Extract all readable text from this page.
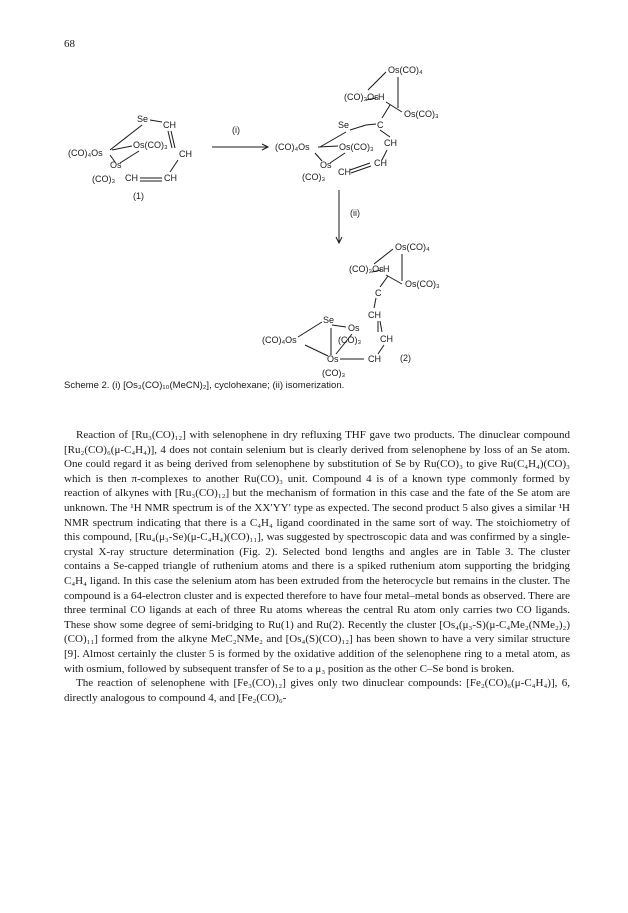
68
(CO)₄Os
Se
CH
Os(CO)₃
CH
Os
(CO)₃ CH	CH
(1)
(i)
Os(CO)₄
(CO)₃Os H
Os(CO)₃
Se	C
(CO)₄Os	Os(CO)₃ CH
Os
(CO)₃ CH
CH
(ii)
Os(CO)₄
(CO)₃Os H
Os(CO)₃
C
CH
Se
Os
(CO)₃ CH
(CO)₄Os
Os	CH
(CO)₃
(2)
Scheme 2. (i) [Os₃(CO)₁₀(MeCN)₂], cyclohexane; (ii) isomerization.

Reaction of [Ru₃(CO)₁₂] with selenophene in dry refluxing THF gave two products. The dinuclear compound [Ru₂(CO)₆(μ-C₄H₄)], 4 does not contain selenium but is clearly derived from selenophene by loss of an Se atom. One could regard it as being derived from selenophene by substitution of Se by Ru(CO)₃ to give Ru(C₄H₄)(CO)₃ which is then π-complexes to another Ru(CO)₃ unit. Compound 4 is of a known type commonly formed by reaction of alkynes with [Ru₃(CO)₁₂] but the mechanism of formation in this case and the fate of the Se atom are unknown. The ¹H NMR spectrum is of the XX′YY′ type as expected. The second product 5 also gives a similar ¹H NMR spectrum indicating that there is a C₄H₄ ligand coordinated in the same sort of way. The stoichiometry of this compound, [Ru₄(μ₃-Se)(μ-C₄H₄)(CO)₁₁], was suggested by spectroscopic data and was confirmed by a single-crystal X-ray structure determination (Fig. 2). Selected bond lengths and angles are in Table 3. The cluster contains a Se-capped triangle of ruthenium atoms and there is a spiked ruthenium atom supporting the bridging C₄H₄ ligand. In this case the selenium atom has been extruded from the heterocycle but remains in the cluster. The compound is a 64-electron cluster and is expected therefore to have four metal–metal bonds as observed. There are three terminal CO ligands at each of three Ru atoms whereas the central Ru atom only carries two CO ligands. These show some degree of semi-bridging to Ru(1) and Ru(2). Recently the cluster [Os₄(μ₃-S)(μ-C₄Me₂(NMe₂)₂)(CO)₁₁] formed from the alkyne MeC₂NMe₂ and [Os₄(S)(CO)₁₂] has been shown to have a very similar structure [9]. Almost certainly the cluster 5 is formed by the oxidative addition of the selenophene ring to a metal atom, as with osmium, followed by subsequent transfer of Se to a μ₃ position as the other C–Se bond is broken.

The reaction of selenophene with [Fe₃(CO)₁₂] gives only two dinuclear compounds: [Fe₂(CO)₆(μ-C₄H₄)], 6, directly analogous to compound 4, and [Fe₂(CO)₆-
